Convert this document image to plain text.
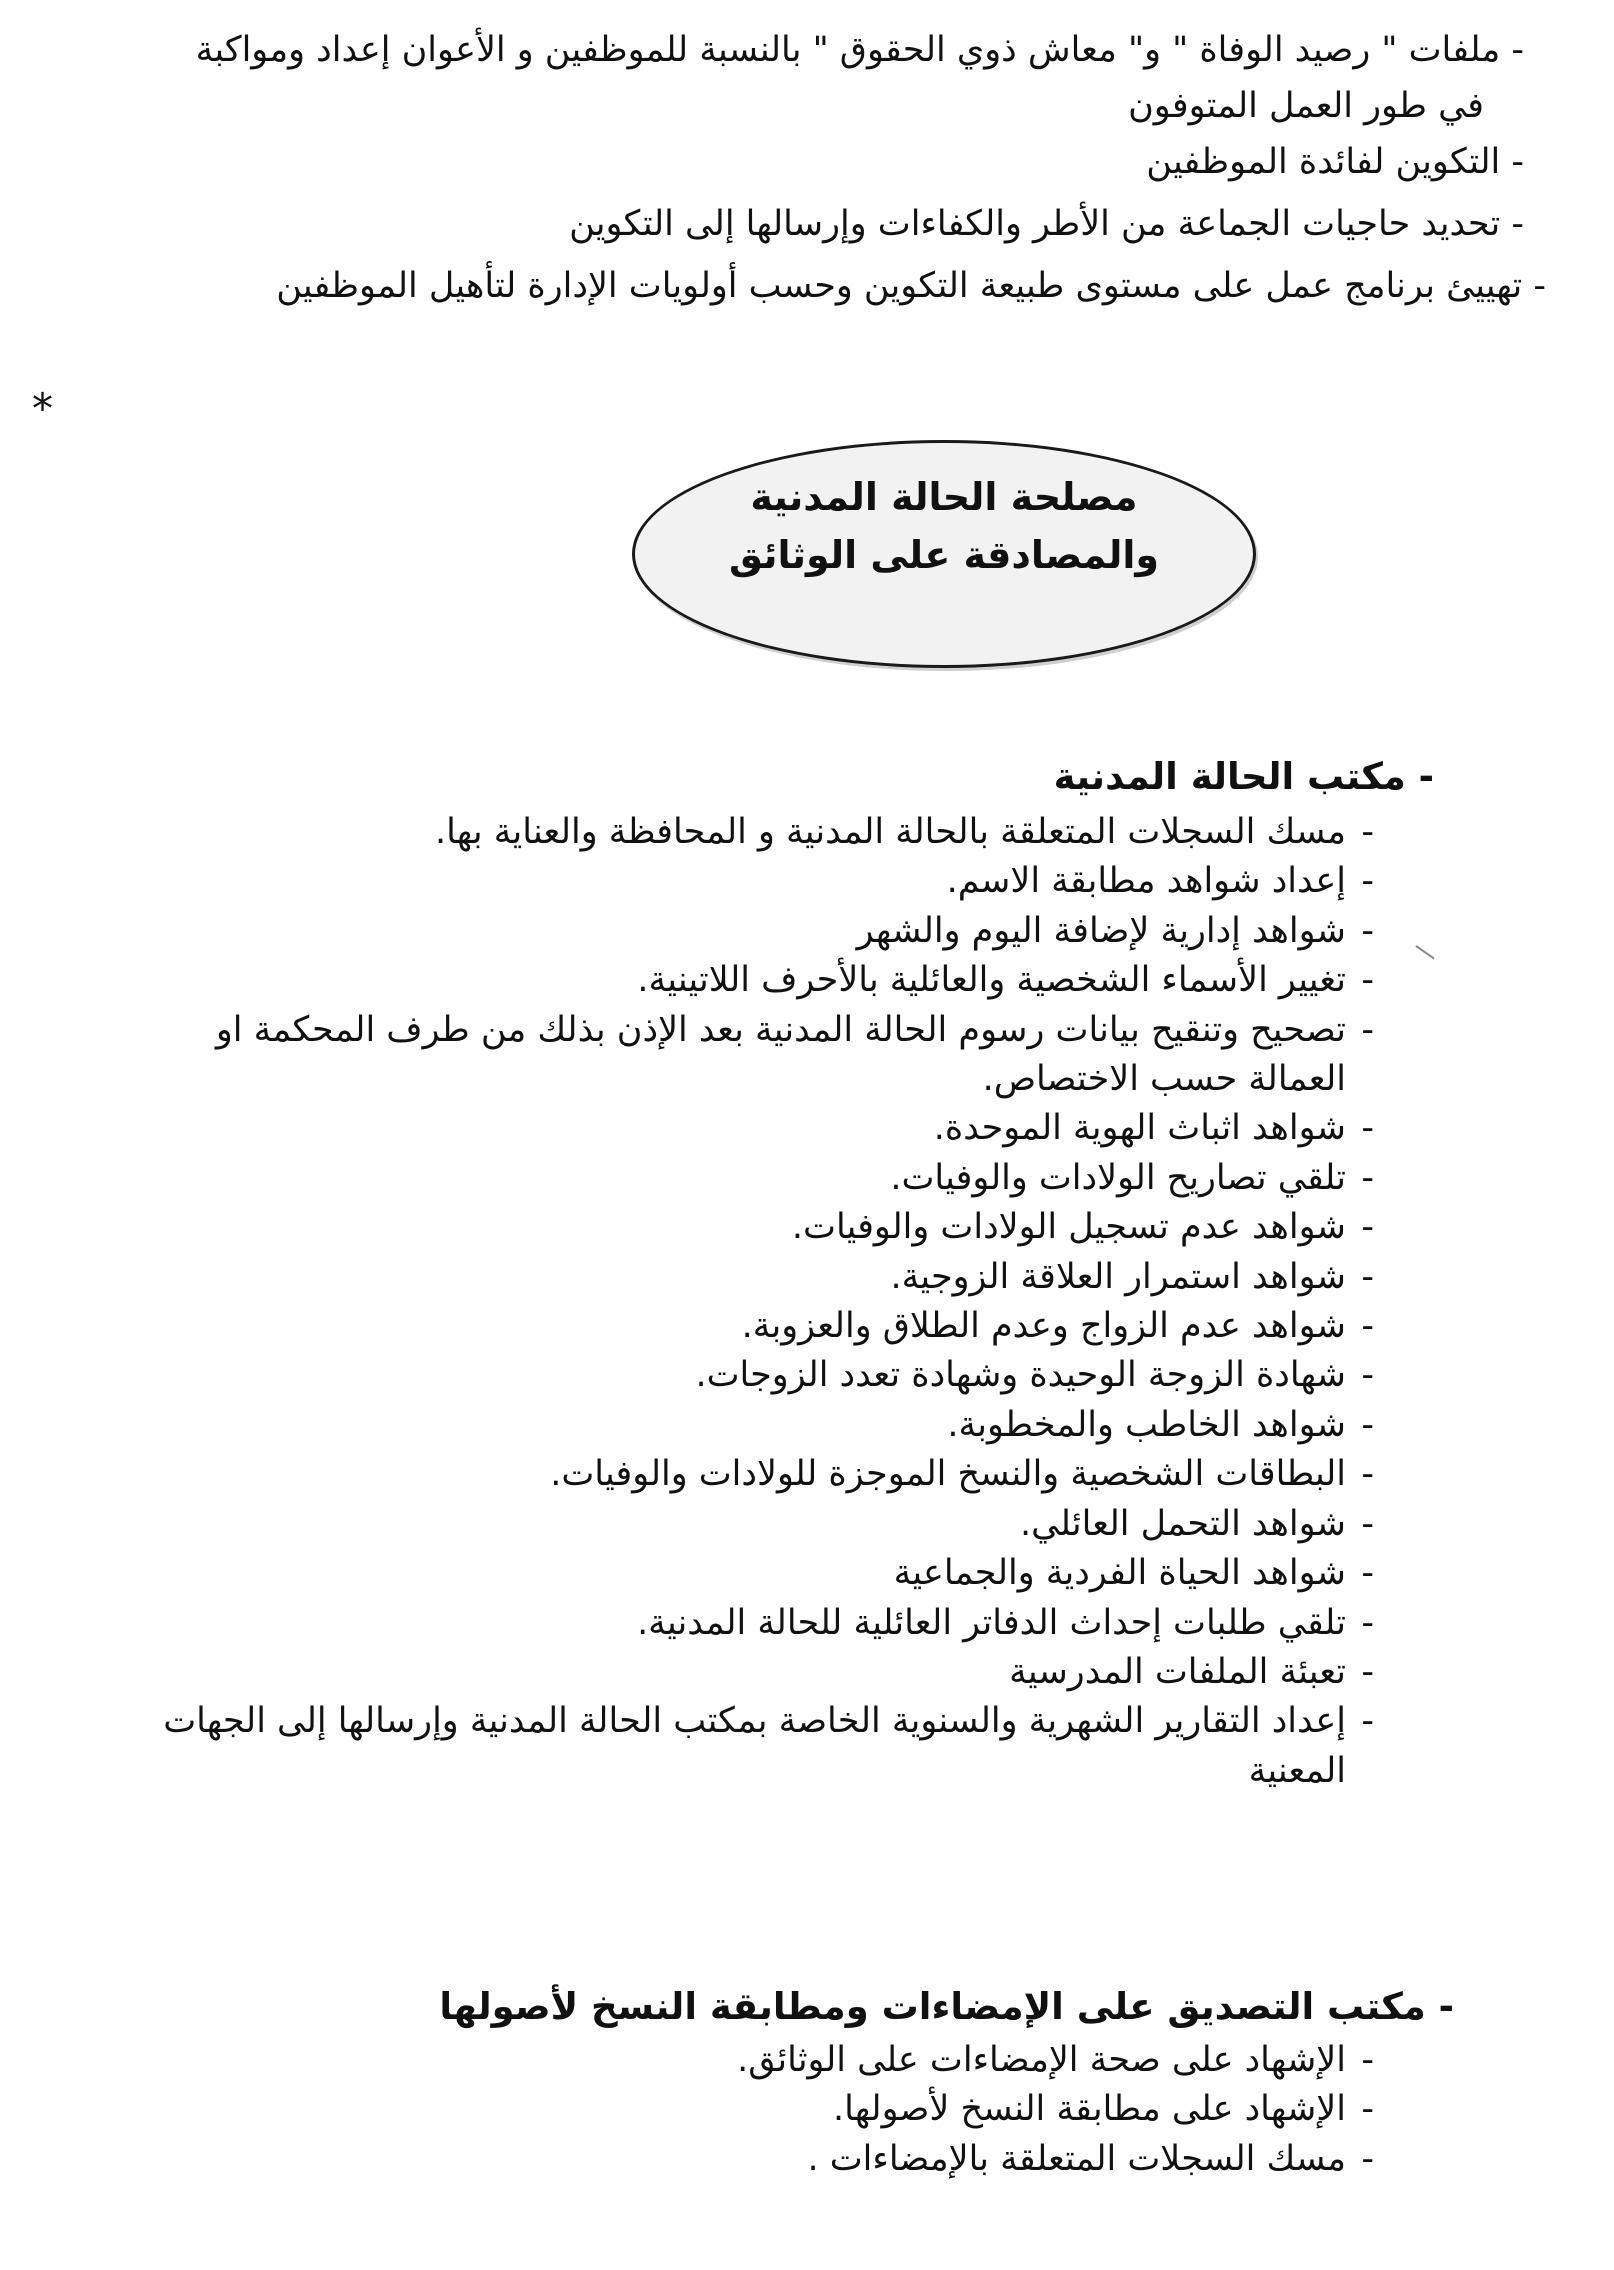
- ملفات " رصيد الوفاة " و" معاش ذوي الحقوق " بالنسبة للموظفين و الأعوان إعداد ومواكبة
في طور العمل المتوفون
- التكوين لفائدة الموظفين
- تحديد حاجيات الجماعة من الأطر والكفاءات وإرسالها إلى التكوين
- تهييئ برنامج عمل على مستوى طبيعة التكوين وحسب أولويات الإدارة لتأهيل الموظفين
*
مصلحة الحالة المدنية
والمصادقة على الوثائق
- مكتب الحالة المدنية
-مسك السجلات المتعلقة بالحالة المدنية و المحافظة والعناية بها.
-إعداد شواهد مطابقة الاسم.
-شواهد إدارية لإضافة اليوم والشهر
-تغيير الأسماء الشخصية والعائلية بالأحرف اللاتينية.
-تصحيح وتنقيح بيانات رسوم الحالة المدنية بعد الإذن بذلك من طرف المحكمة او
العمالة حسب الاختصاص.
-شواهد اثباث الهوية الموحدة.
-تلقي تصاريح الولادات والوفيات.
-شواهد عدم تسجيل الولادات والوفيات.
-شواهد استمرار العلاقة الزوجية.
-شواهد عدم الزواج وعدم الطلاق والعزوبة.
-شهادة الزوجة الوحيدة وشهادة تعدد الزوجات.
-شواهد الخاطب والمخطوبة.
-البطاقات الشخصية والنسخ الموجزة للولادات والوفيات.
-شواهد التحمل العائلي.
-شواهد الحياة الفردية والجماعية
-تلقي طلبات إحداث الدفاتر العائلية للحالة المدنية.
-تعبئة الملفات المدرسية
-إعداد التقارير الشهرية والسنوية الخاصة بمكتب الحالة المدنية وإرسالها إلى الجهات
المعنية
- مكتب التصديق على الإمضاءات ومطابقة النسخ لأصولها
-الإشهاد على صحة الإمضاءات على الوثائق.
-الإشهاد على مطابقة النسخ لأصولها.
-مسك السجلات المتعلقة بالإمضاءات .
